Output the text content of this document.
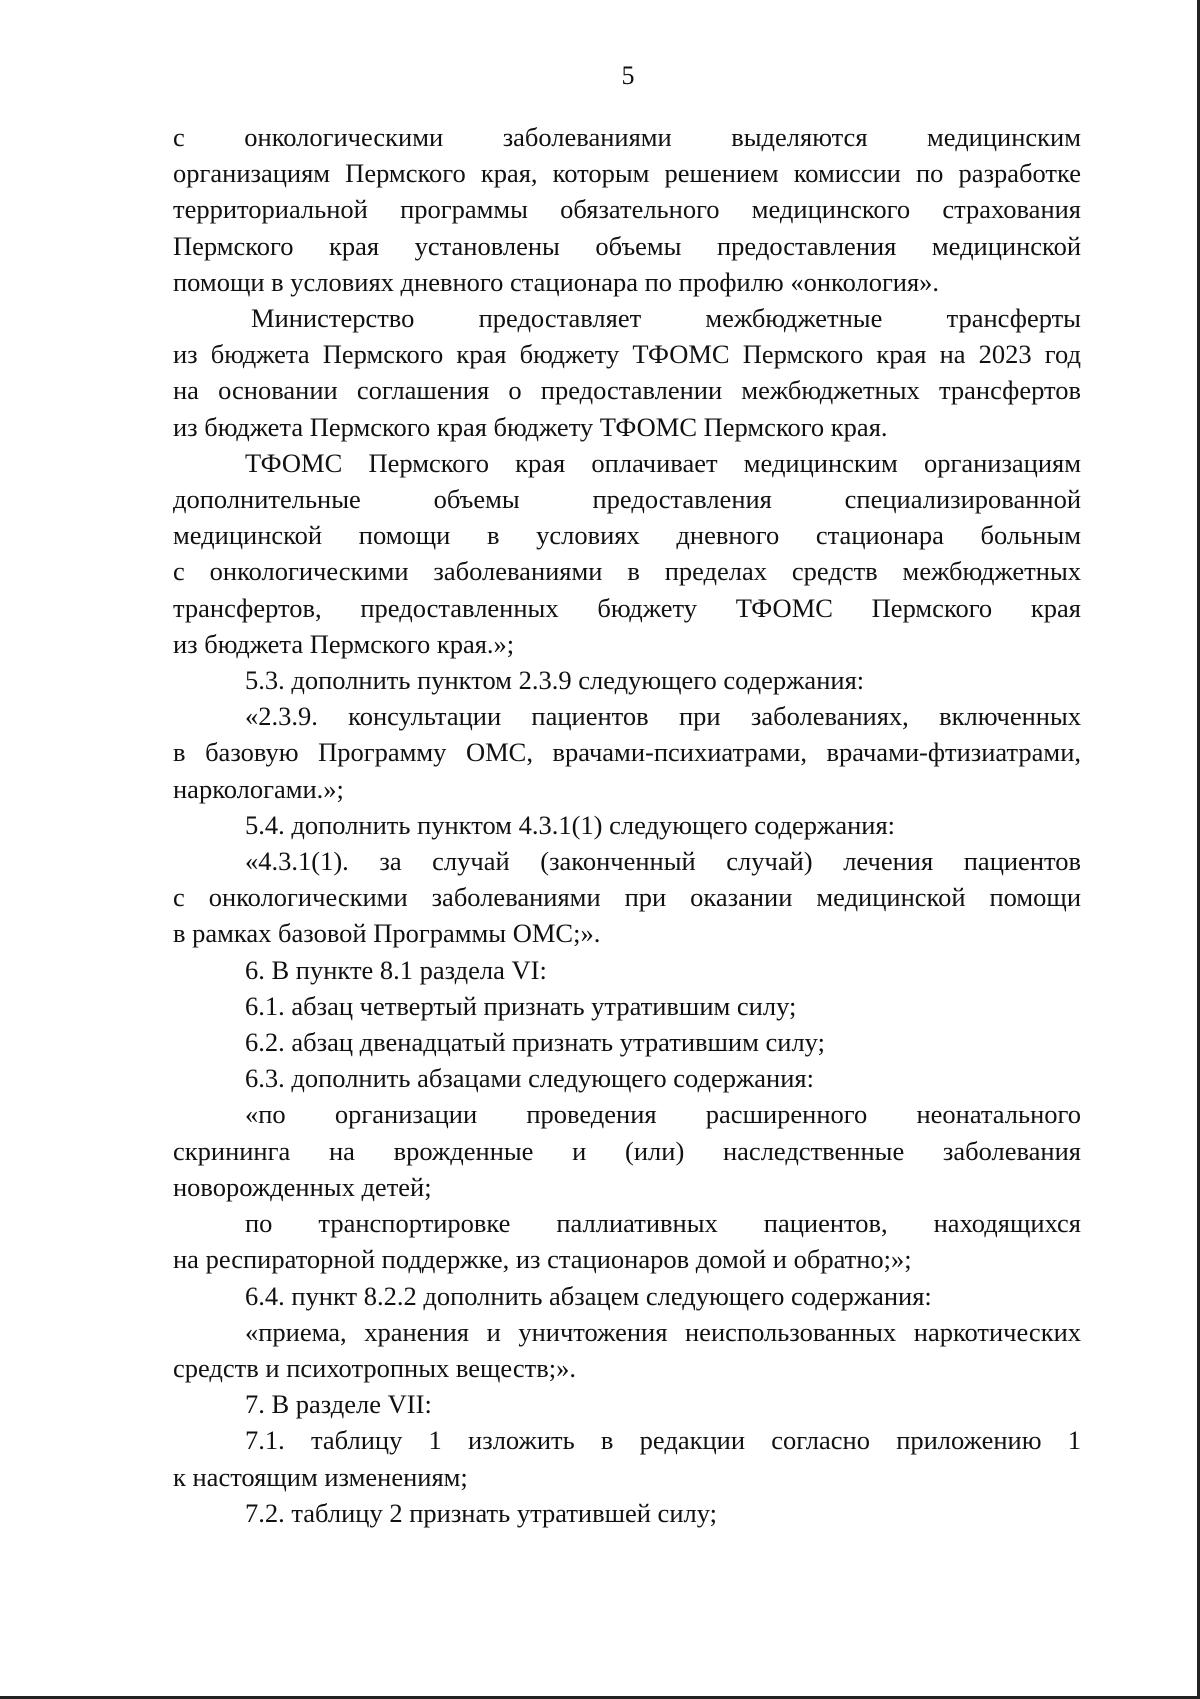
5
с онкологическими заболеваниями выделяются медицинским
организациям Пермского края, которым решением комиссии по разработке
территориальной программы обязательного медицинского страхования
Пермского края установлены объемы предоставления медицинской
помощи в условиях дневного стационара по профилю «онкология».
Министерство предоставляет межбюджетные трансферты
из бюджета Пермского края бюджету ТФОМС Пермского края на 2023 год
на основании соглашения о предоставлении межбюджетных трансфертов
из бюджета Пермского края бюджету ТФОМС Пермского края.
ТФОМС Пермского края оплачивает медицинским организациям
дополнительные объемы предоставления специализированной
медицинской помощи в условиях дневного стационара больным
с онкологическими заболеваниями в пределах средств межбюджетных
трансфертов, предоставленных бюджету ТФОМС Пермского края
из бюджета Пермского края.»;
5.3. дополнить пунктом 2.3.9 следующего содержания:
«2.3.9. консультации пациентов при заболеваниях, включенных
в базовую Программу ОМС, врачами-психиатрами, врачами-фтизиатрами,
наркологами.»;
5.4. дополнить пунктом 4.3.1(1) следующего содержания:
«4.3.1(1). за случай (законченный случай) лечения пациентов
с онкологическими заболеваниями при оказании медицинской помощи
в рамках базовой Программы ОМС;».
6. В пункте 8.1 раздела VI:
6.1. абзац четвертый признать утратившим силу;
6.2. абзац двенадцатый признать утратившим силу;
6.3. дополнить абзацами следующего содержания:
«по организации проведения расширенного неонатального
скрининга на врожденные и (или) наследственные заболевания
новорожденных детей;
по транспортировке паллиативных пациентов, находящихся
на респираторной поддержке, из стационаров домой и обратно;»;
6.4. пункт 8.2.2 дополнить абзацем следующего содержания:
«приема, хранения и уничтожения неиспользованных наркотических
средств и психотропных веществ;».
7. В разделе VII:
7.1. таблицу 1 изложить в редакции согласно приложению 1
к настоящим изменениям;
7.2. таблицу 2 признать утратившей силу;
